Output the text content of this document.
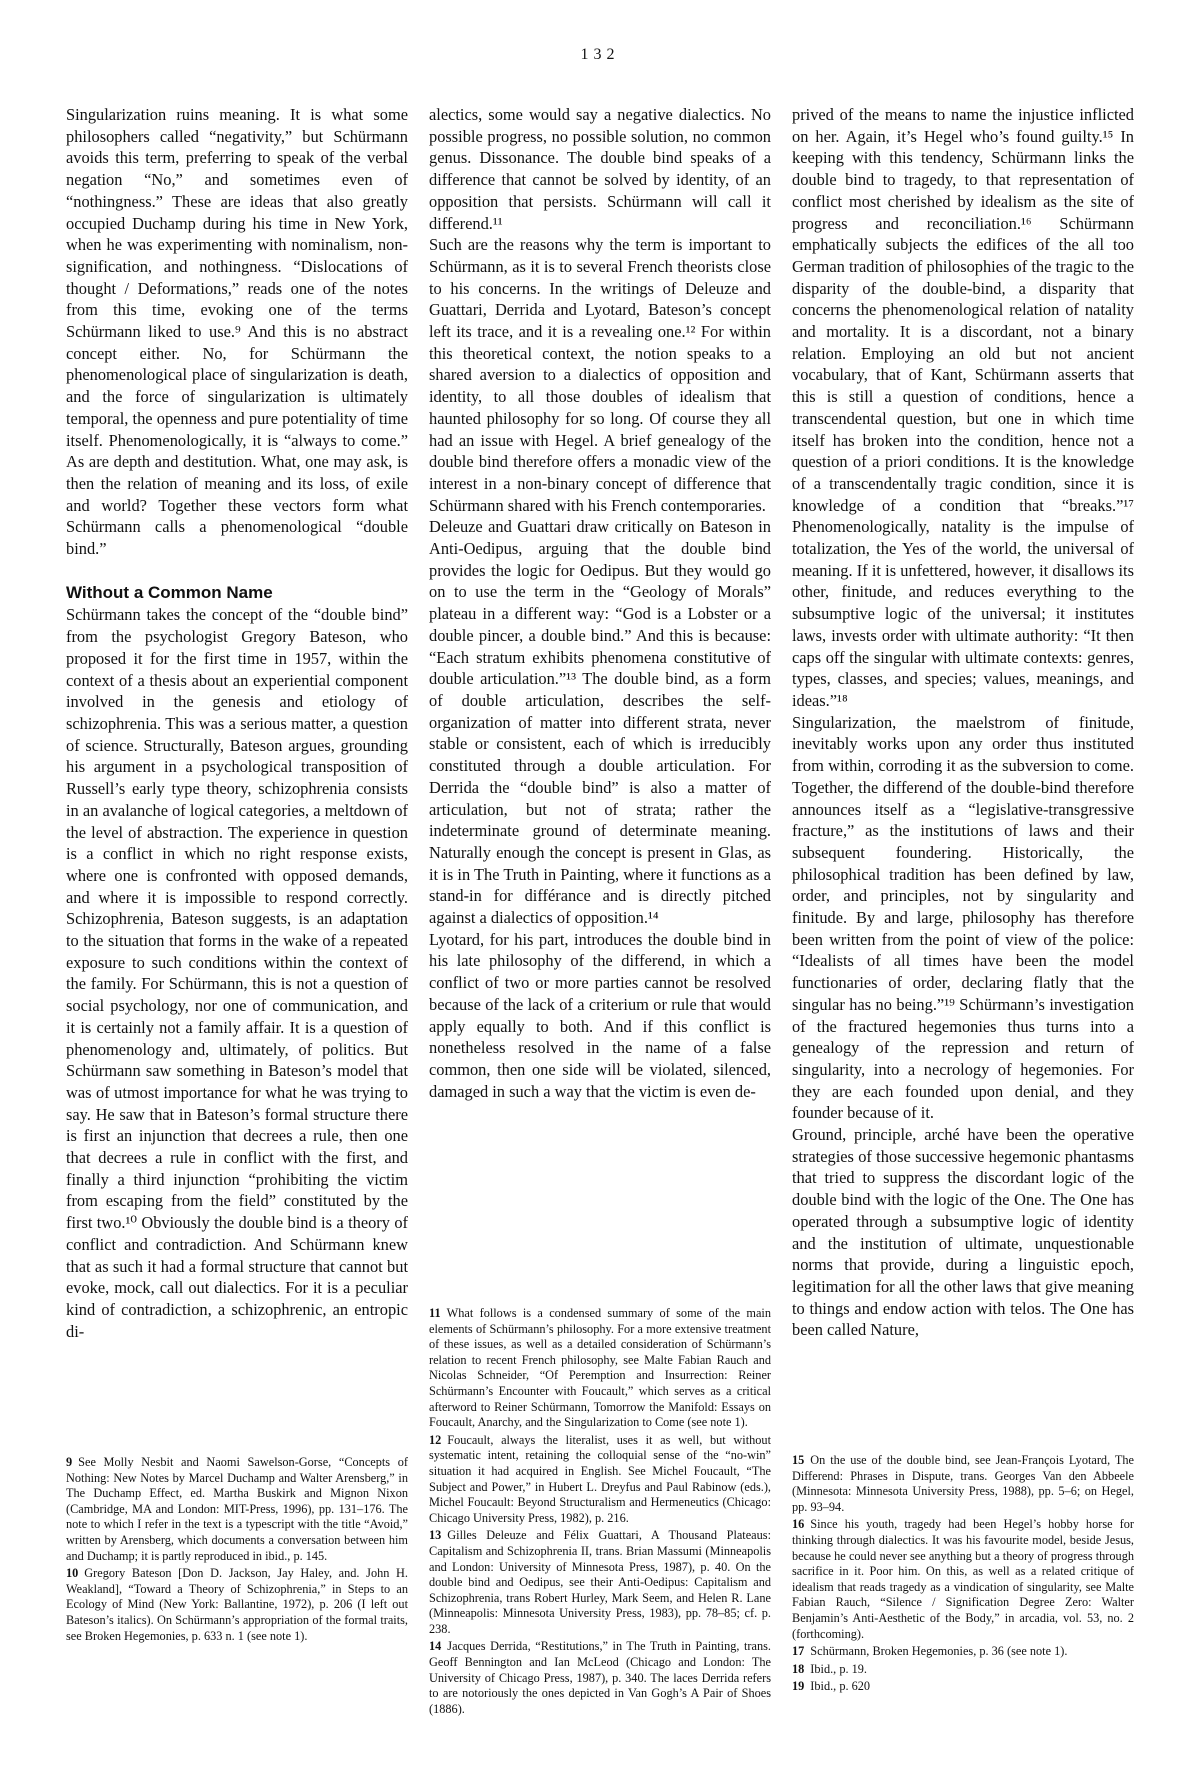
132

Singularization ruins meaning. It is what some philosophers called “negativity,” but Schürmann avoids this term, preferring to speak of the verbal negation “No,” and sometimes even of “nothingness.” These are ideas that also greatly occupied Duchamp during his time in New York, when he was experimenting with nominalism, non-signification, and nothingness. “Dislocations of thought / Deformations,” reads one of the notes from this time, evoking one of the terms Schürmann liked to use.⁹ And this is no abstract concept either. No, for Schürmann the phenomenological place of singularization is death, and the force of singularization is ultimately temporal, the openness and pure potentiality of time itself. Phenomenologically, it is “always to come.” As are depth and destitution. What, one may ask, is then the relation of meaning and its loss, of exile and world? Together these vectors form what Schürmann calls a phenomenological “double bind.”

Without a Common Name

Schürmann takes the concept of the “double bind” from the psychologist Gregory Bateson, who proposed it for the first time in 1957, within the context of a thesis about an experiential component involved in the genesis and etiology of schizophrenia. This was a serious matter, a question of science. Structurally, Bateson argues, grounding his argument in a psychological transposition of Russell’s early type theory, schizophrenia consists in an avalanche of logical categories, a meltdown of the level of abstraction. The experience in question is a conflict in which no right response exists, where one is confronted with opposed demands, and where it is impossible to respond correctly. Schizophrenia, Bateson suggests, is an adaptation to the situation that forms in the wake of a repeated exposure to such conditions within the context of the family. For Schürmann, this is not a question of social psychology, nor one of communication, and it is certainly not a family affair. It is a question of phenomenology and, ultimately, of politics. But Schürmann saw something in Bateson’s model that was of utmost importance for what he was trying to say. He saw that in Bateson’s formal structure there is first an injunction that decrees a rule, then one that decrees a rule in conflict with the first, and finally a third injunction “prohibiting the victim from escaping from the field” constituted by the first two.¹⁰ Obviously the double bind is a theory of conflict and contradiction. And Schürmann knew that as such it had a formal structure that cannot but evoke, mock, call out dialectics. For it is a peculiar kind of contradiction, a schizophrenic, an entropic di-

alectics, some would say a negative dialectics. No possible progress, no possible solution, no common genus. Dissonance. The double bind speaks of a difference that cannot be solved by identity, of an opposition that persists. Schürmann will call it differend.¹¹

Such are the reasons why the term is important to Schürmann, as it is to several French theorists close to his concerns. In the writings of Deleuze and Guattari, Derrida and Lyotard, Bateson’s concept left its trace, and it is a revealing one.¹² For within this theoretical context, the notion speaks to a shared aversion to a dialectics of opposition and identity, to all those doubles of idealism that haunted philosophy for so long. Of course they all had an issue with Hegel. A brief genealogy of the double bind therefore offers a monadic view of the interest in a non-binary concept of difference that Schürmann shared with his French contemporaries.

Deleuze and Guattari draw critically on Bateson in Anti-Oedipus, arguing that the double bind provides the logic for Oedipus. But they would go on to use the term in the “Geology of Morals” plateau in a different way: “God is a Lobster or a double pincer, a double bind.” And this is because: “Each stratum exhibits phenomena constitutive of double articulation.”¹³ The double bind, as a form of double articulation, describes the self-organization of matter into different strata, never stable or consistent, each of which is irreducibly constituted through a double articulation. For Derrida the “double bind” is also a matter of articulation, but not of strata; rather the indeterminate ground of determinate meaning. Naturally enough the concept is present in Glas, as it is in The Truth in Painting, where it functions as a stand-in for différance and is directly pitched against a dialectics of opposition.¹⁴

Lyotard, for his part, introduces the double bind in his late philosophy of the differend, in which a conflict of two or more parties cannot be resolved because of the lack of a criterium or rule that would apply equally to both. And if this conflict is nonetheless resolved in the name of a false common, then one side will be violated, silenced, damaged in such a way that the victim is even de-

prived of the means to name the injustice inflicted on her. Again, it’s Hegel who’s found guilty.¹⁵ In keeping with this tendency, Schürmann links the double bind to tragedy, to that representation of conflict most cherished by idealism as the site of progress and reconciliation.¹⁶ Schürmann emphatically subjects the edifices of the all too German tradition of philosophies of the tragic to the disparity of the double-bind, a disparity that concerns the phenomenological relation of natality and mortality. It is a discordant, not a binary relation. Employing an old but not ancient vocabulary, that of Kant, Schürmann asserts that this is still a question of conditions, hence a transcendental question, but one in which time itself has broken into the condition, hence not a question of a priori conditions. It is the knowledge of a transcendentally tragic condition, since it is knowledge of a condition that “breaks.”¹⁷ Phenomenologically, natality is the impulse of totalization, the Yes of the world, the universal of meaning. If it is unfettered, however, it disallows its other, finitude, and reduces everything to the subsumptive logic of the universal; it institutes laws, invests order with ultimate authority: “It then caps off the singular with ultimate contexts: genres, types, classes, and species; values, meanings, and ideas.”¹⁸

Singularization, the maelstrom of finitude, inevitably works upon any order thus instituted from within, corroding it as the subversion to come. Together, the differend of the double-bind therefore announces itself as a “legislative-transgressive fracture,” as the institutions of laws and their subsequent foundering. Historically, the philosophical tradition has been defined by law, order, and principles, not by singularity and finitude. By and large, philosophy has therefore been written from the point of view of the police: “Idealists of all times have been the model functionaries of order, declaring flatly that the singular has no being.”¹⁹ Schürmann’s investigation of the fractured hegemonies thus turns into a genealogy of the repression and return of singularity, into a necrology of hegemonies. For they are each founded upon denial, and they founder because of it.

Ground, principle, arché have been the operative strategies of those successive hegemonic phantasms that tried to suppress the discordant logic of the double bind with the logic of the One. The One has operated through a subsumptive logic of identity and the institution of ultimate, unquestionable norms that provide, during a linguistic epoch, legitimation for all the other laws that give meaning to things and endow action with telos. The One has been called Nature,

9 See Molly Nesbit and Naomi Sawelson-Gorse, “Concepts of Nothing: New Notes by Marcel Duchamp and Walter Arensberg,” in The Duchamp Effect, ed. Martha Buskirk and Mignon Nixon (Cambridge, MA and London: MIT-Press, 1996), pp. 131–176. The note to which I refer in the text is a typescript with the title “Avoid,” written by Arensberg, which documents a conversation between him and Duchamp; it is partly reproduced in ibid., p. 145.

10 Gregory Bateson [Don D. Jackson, Jay Haley, and. John H. Weakland], “Toward a Theory of Schizophrenia,” in Steps to an Ecology of Mind (New York: Ballantine, 1972), p. 206 (I left out Bateson’s italics). On Schürmann’s appropriation of the formal traits, see Broken Hegemonies, p. 633 n. 1 (see note 1).

11 What follows is a condensed summary of some of the main elements of Schürmann’s philosophy. For a more extensive treatment of these issues, as well as a detailed consideration of Schürmann’s relation to recent French philosophy, see Malte Fabian Rauch and Nicolas Schneider, “Of Peremption and Insurrection: Reiner Schürmann’s Encounter with Foucault,” which serves as a critical afterword to Reiner Schürmann, Tomorrow the Manifold: Essays on Foucault, Anarchy, and the Singularization to Come (see note 1).

12 Foucault, always the literalist, uses it as well, but without systematic intent, retaining the colloquial sense of the “no-win” situation it had acquired in English. See Michel Foucault, “The Subject and Power,” in Hubert L. Dreyfus and Paul Rabinow (eds.), Michel Foucault: Beyond Structuralism and Hermeneutics (Chicago: Chicago University Press, 1982), p. 216.

13 Gilles Deleuze and Félix Guattari, A Thousand Plateaus: Capitalism and Schizophrenia II, trans. Brian Massumi (Minneapolis and London: University of Minnesota Press, 1987), p. 40. On the double bind and Oedipus, see their Anti-Oedipus: Capitalism and Schizophrenia, trans Robert Hurley, Mark Seem, and Helen R. Lane (Minneapolis: Minnesota University Press, 1983), pp. 78–85; cf. p. 238.

14 Jacques Derrida, “Restitutions,” in The Truth in Painting, trans. Geoff Bennington and Ian McLeod (Chicago and London: The University of Chicago Press, 1987), p. 340. The laces Derrida refers to are notoriously the ones depicted in Van Gogh’s A Pair of Shoes (1886).

15 On the use of the double bind, see Jean-François Lyotard, The Differend: Phrases in Dispute, trans. Georges Van den Abbeele (Minnesota: Minnesota University Press, 1988), pp. 5–6; on Hegel, pp. 93–94.

16 Since his youth, tragedy had been Hegel’s hobby horse for thinking through dialectics. It was his favourite model, beside Jesus, because he could never see anything but a theory of progress through sacrifice in it. Poor him. On this, as well as a related critique of idealism that reads tragedy as a vindication of singularity, see Malte Fabian Rauch, “Silence / Signification Degree Zero: Walter Benjamin’s Anti-Aesthetic of the Body,” in arcadia, vol. 53, no. 2 (forthcoming).

17 Schürmann, Broken Hegemonies, p. 36 (see note 1).

18 Ibid., p. 19.

19 Ibid., p. 620
